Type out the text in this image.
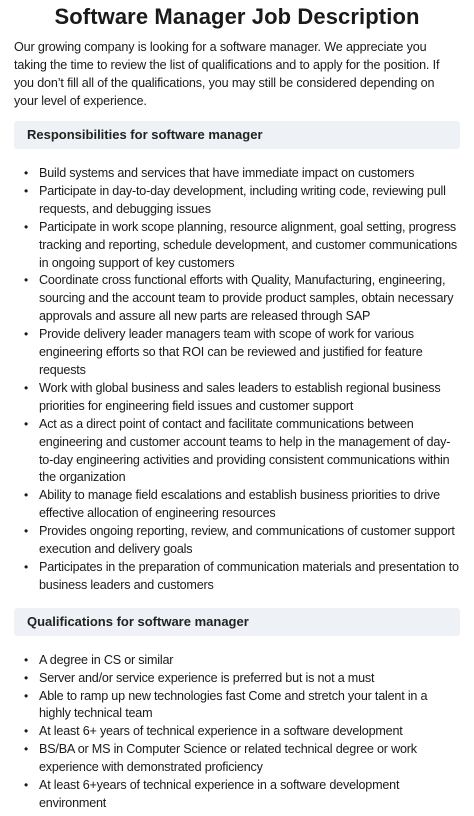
Software Manager Job Description

Our growing company is looking for a software manager. We appreciate you taking the time to review the list of qualifications and to apply for the position. If you don’t fill all of the qualifications, you may still be considered depending on your level of experience.

Responsibilities for software manager
• Build systems and services that have immediate impact on customers
• Participate in day-to-day development, including writing code, reviewing pull requests, and debugging issues
• Participate in work scope planning, resource alignment, goal setting, progress tracking and reporting, schedule development, and customer communications in ongoing support of key customers
• Coordinate cross functional efforts with Quality, Manufacturing, engineering, sourcing and the account team to provide product samples, obtain necessary approvals and assure all new parts are released through SAP
• Provide delivery leader managers team with scope of work for various engineering efforts so that ROI can be reviewed and justified for feature requests
• Work with global business and sales leaders to establish regional business priorities for engineering field issues and customer support
• Act as a direct point of contact and facilitate communications between engineering and customer account teams to help in the management of day-to-day engineering activities and providing consistent communications within the organization
• Ability to manage field escalations and establish business priorities to drive effective allocation of engineering resources
• Provides ongoing reporting, review, and communications of customer support execution and delivery goals
• Participates in the preparation of communication materials and presentation to business leaders and customers
Qualifications for software manager
• A degree in CS or similar
• Server and/or service experience is preferred but is not a must
• Able to ramp up new technologies fast Come and stretch your talent in a highly technical team
• At least 6+ years of technical experience in a software development
• BS/BA or MS in Computer Science or related technical degree or work experience with demonstrated proficiency
• At least 6+years of technical experience in a software development environment
